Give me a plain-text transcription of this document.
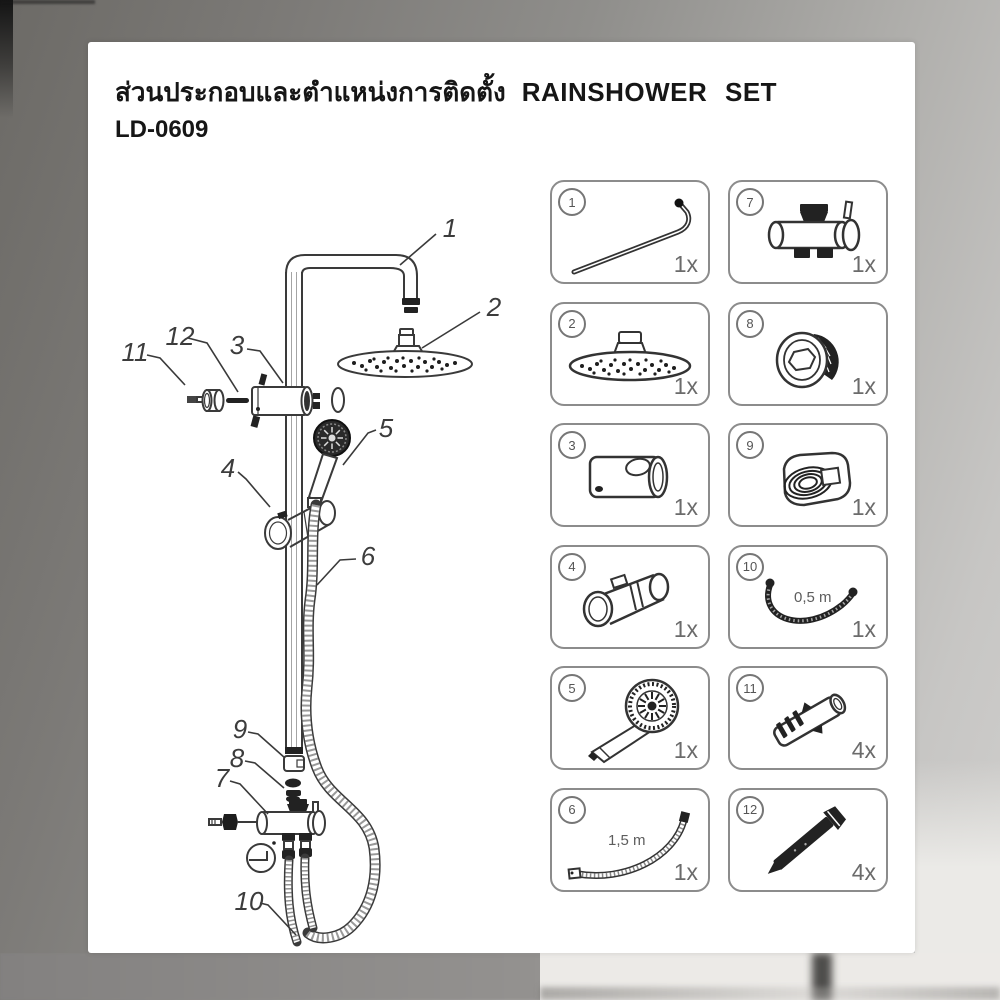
ส่วนประกอบและตำแหน่งการติดตั้ง RAINSHOWER SET
LD-0609
1
2
3
4
5
6
7
8
9
10
11
12
1
1x
7
1x
2
1x
8
1x
3
1x
9
1x
4
1x
10
0,5 m
1x
5
1x
11
4x
6
1,5 m
1x
12
4x
